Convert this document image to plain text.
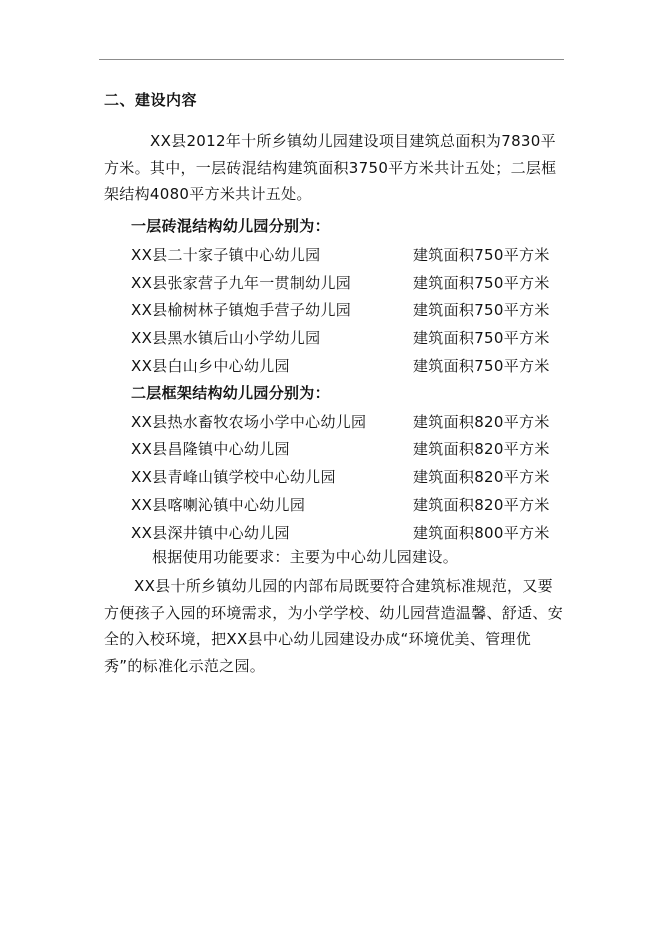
二、建设内容
XX县2012年十所乡镇幼儿园建设项目建筑总面积为7830平方米。其中，一层砖混结构建筑面积3750平方米共计五处；二层框架结构4080平方米共计五处。
一层砖混结构幼儿园分别为：
XX县二十家子镇中心幼儿园	建筑面积750平方米
XX县张家营子九年一贯制幼儿园	建筑面积750平方米
XX县榆树林子镇炮手营子幼儿园	建筑面积750平方米
XX县黑水镇后山小学幼儿园	建筑面积750平方米
XX县白山乡中心幼儿园	建筑面积750平方米
二层框架结构幼儿园分别为：
XX县热水畜牧农场小学中心幼儿园	建筑面积820平方米
XX县昌隆镇中心幼儿园	建筑面积820平方米
XX县青峰山镇学校中心幼儿园	建筑面积820平方米
XX县喀喇沁镇中心幼儿园	建筑面积820平方米
XX县深井镇中心幼儿园	建筑面积800平方米
根据使用功能要求：主要为中心幼儿园建设。
XX县十所乡镇幼儿园的内部布局既要符合建筑标准规范，又要方便孩子入园的环境需求，为小学学校、幼儿园营造温馨、舒适、安全的入校环境，把XX县中心幼儿园建设办成“环境优美、管理优秀”的标准化示范之园。
